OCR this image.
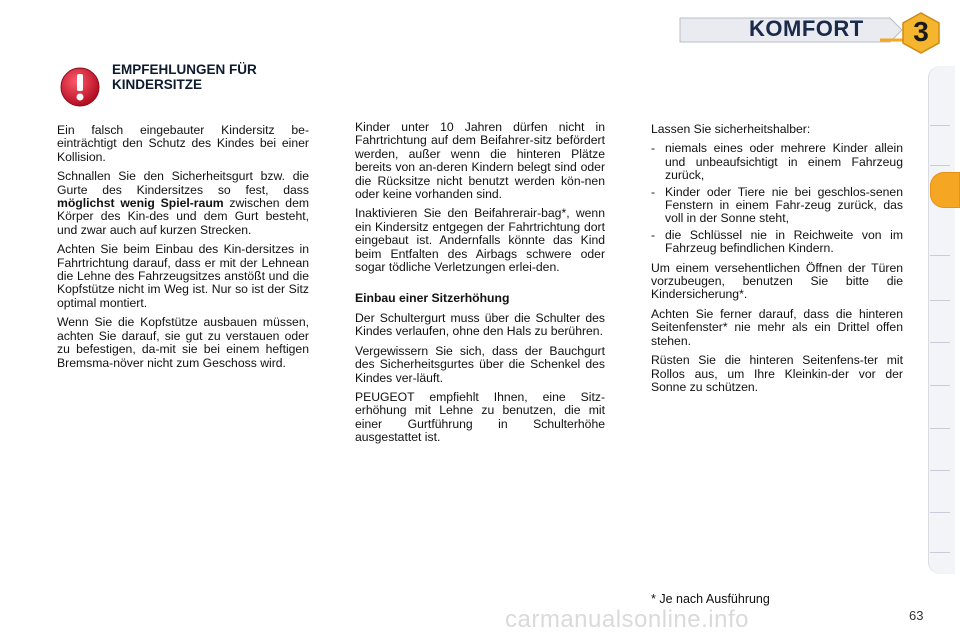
KOMFORT	3
EMPFEHLUNGEN FÜR
KINDERSITZE

Ein falsch eingebauter Kindersitz be-einträchtigt den Schutz des Kindes bei einer Kollision.

Schnallen Sie den Sicherheitsgurt bzw. die Gurte des Kindersitzes so fest, dass möglichst wenig Spiel-raum zwischen dem Körper des Kin-des und dem Gurt besteht, und zwar auch auf kurzen Strecken.

Achten Sie beim Einbau des Kin-dersitzes in Fahrtrichtung darauf, dass er mit der Lehnean die Lehne des Fahrzeugsitzes anstößt und die Kopfstütze nicht im Weg ist. Nur so ist der Sitz optimal montiert.

Wenn Sie die Kopfstütze ausbauen müssen, achten Sie darauf, sie gut zu verstauen oder zu befestigen, da-mit sie bei einem heftigen Bremsma-növer nicht zum Geschoss wird.

Kinder unter 10 Jahren dürfen nicht in Fahrtrichtung auf dem Beifahrer-sitz befördert werden, außer wenn die hinteren Plätze bereits von an-deren Kindern belegt sind oder die Rücksitze nicht benutzt werden kön-nen oder keine vorhanden sind.

Inaktivieren Sie den Beifahrerair-bag*, wenn ein Kindersitz entgegen der Fahrtrichtung dort eingebaut ist. Andernfalls könnte das Kind beim Entfalten des Airbags schwere oder sogar tödliche Verletzungen erlei-den.

Einbau einer Sitzerhöhung

Der Schultergurt muss über die Schulter des Kindes verlaufen, ohne den Hals zu berühren.

Vergewissern Sie sich, dass der Bauchgurt des Sicherheitsgurtes über die Schenkel des Kindes ver-läuft.

PEUGEOT empfiehlt Ihnen, eine Sitz-erhöhung mit Lehne zu benutzen, die mit einer Gurtführung in Schulterhöhe ausgestattet ist.

Lassen Sie sicherheitshalber:

- niemals eines oder mehrere Kinder allein und unbeaufsichtigt in einem Fahrzeug zurück,
- Kinder oder Tiere nie bei geschlos-senen Fenstern in einem Fahr-zeug zurück, das voll in der Sonne steht,
- die Schlüssel nie in Reichweite von im Fahrzeug befindlichen Kindern.

Um einem versehentlichen Öffnen der Türen vorzubeugen, benutzen Sie bitte die Kindersicherung*.

Achten Sie ferner darauf, dass die hinteren Seitenfenster* nie mehr als ein Drittel offen stehen.

Rüsten Sie die hinteren Seitenfens-ter mit Rollos aus, um Ihre Kleinkin-der vor der Sonne zu schützen.

* Je nach Ausführung
carmanualsonline.info	63
